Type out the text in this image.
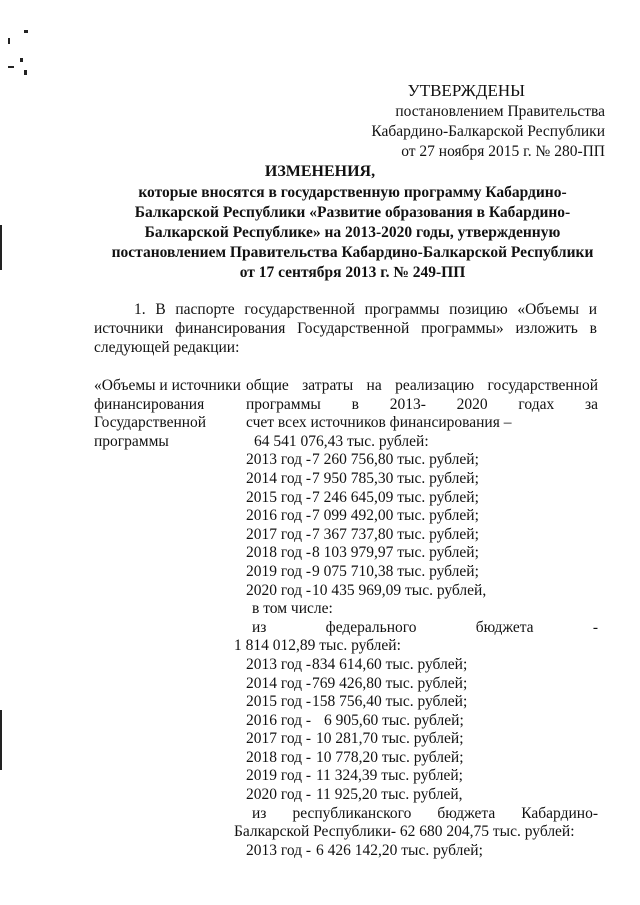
УТВЕРЖДЕНЫ
постановлением Правительства
Кабардино-Балкарской Республики
от 27 ноября 2015 г. № 280-ПП
ИЗМЕНЕНИЯ,
которые вносятся в государственную программу Кабардино-
Балкарской Республики «Развитие образования в Кабардино-
Балкарской Республике» на 2013-2020 годы, утвержденную
постановлением Правительства Кабардино-Балкарской Республики
от 17 сентября 2013 г. № 249-ПП
1. В паспорте государственной программы позицию «Объемы и
источники финансирования Государственной программы» изложить в
следующей редакции:
«Объемы и источники
финансирования
Государственной
программы
общие затраты на реализацию государственной
программы в 2013- 2020 годах за
счет всех источников финансирования –
64 541 076,43 тыс. рублей:
2013 год -7 260 756,80 тыс. рублей;
2014 год -7 950 785,30 тыс. рублей;
2015 год -7 246 645,09 тыс. рублей;
2016 год -7 099 492,00 тыс. рублей;
2017 год -7 367 737,80 тыс. рублей;
2018 год -8 103 979,97 тыс. рублей;
2019 год -9 075 710,38 тыс. рублей;
2020 год -10 435 969,09 тыс. рублей,
в том числе:
из федерального бюджета -
1 814 012,89 тыс. рублей:
2013 год -834 614,60 тыс. рублей;
2014 год -769 426,80 тыс. рублей;
2015 год -158 756,40 тыс. рублей;
2016 год - 6 905,60 тыс. рублей;
2017 год - 10 281,70 тыс. рублей;
2018 год - 10 778,20 тыс. рублей;
2019 год - 11 324,39 тыс. рублей;
2020 год - 11 925,20 тыс. рублей,
из республиканского бюджета Кабардино-
Балкарской Республики- 62 680 204,75 тыс. рублей:
2013 год - 6 426 142,20 тыс. рублей;
